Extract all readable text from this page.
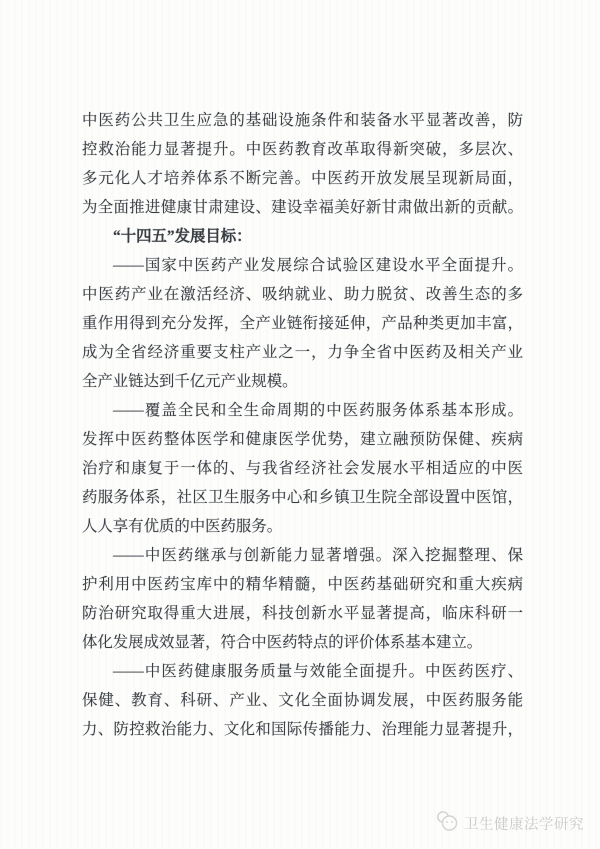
中医药公共卫生应急的基础设施条件和装备水平显著改善，防
控救治能力显著提升。中医药教育改革取得新突破，多层次、
多元化人才培养体系不断完善。中医药开放发展呈现新局面，
为全面推进健康甘肃建设、建设幸福美好新甘肃做出新的贡献。
“十四五”发展目标：
——国家中医药产业发展综合试验区建设水平全面提升。
中医药产业在激活经济、吸纳就业、助力脱贫、改善生态的多
重作用得到充分发挥，全产业链衔接延伸，产品种类更加丰富，
成为全省经济重要支柱产业之一，力争全省中医药及相关产业
全产业链达到千亿元产业规模。
——覆盖全民和全生命周期的中医药服务体系基本形成。
发挥中医药整体医学和健康医学优势，建立融预防保健、疾病
治疗和康复于一体的、与我省经济社会发展水平相适应的中医
药服务体系，社区卫生服务中心和乡镇卫生院全部设置中医馆，
人人享有优质的中医药服务。
——中医药继承与创新能力显著增强。深入挖掘整理、保
护利用中医药宝库中的精华精髓，中医药基础研究和重大疾病
防治研究取得重大进展，科技创新水平显著提高，临床科研一
体化发展成效显著，符合中医药特点的评价体系基本建立。
——中医药健康服务质量与效能全面提升。中医药医疗、
保健、教育、科研、产业、文化全面协调发展，中医药服务能
力、防控救治能力、文化和国际传播能力、治理能力显著提升，
卫生健康法学研究
